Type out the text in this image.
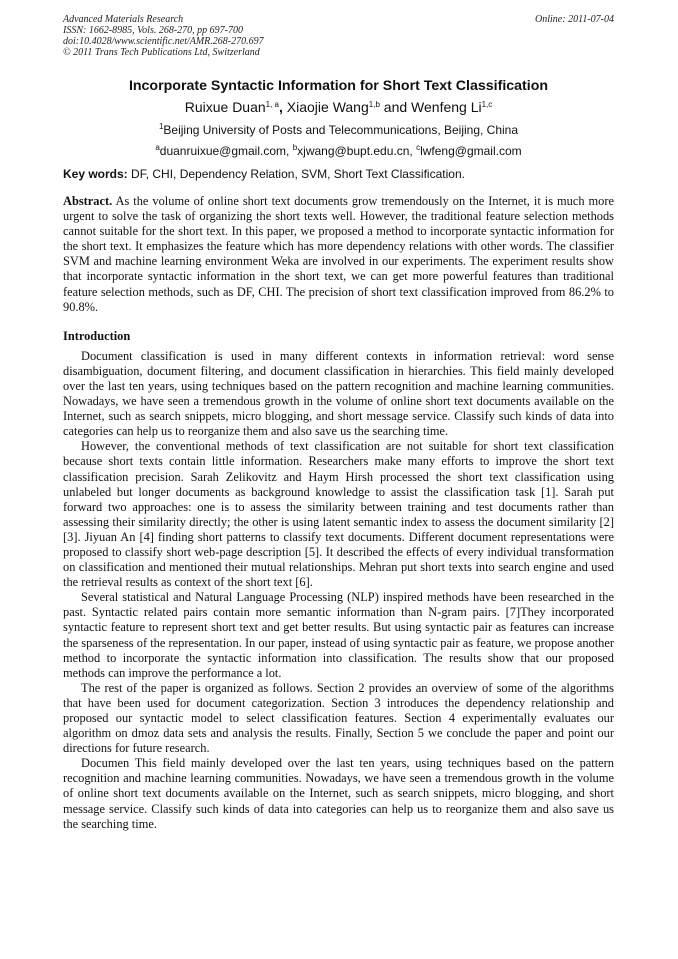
Advanced Materials Research
ISSN: 1662-8985, Vols. 268-270, pp 697-700
doi:10.4028/www.scientific.net/AMR.268-270.697
© 2011 Trans Tech Publications Ltd, Switzerland
Online: 2011-07-04
Incorporate Syntactic Information for Short Text Classification
Ruixue Duan$^{1, a}$, Xiaojie Wang$^{1,b}$ and Wenfeng Li$^{1,c}$
$^1$Beijing University of Posts and Telecommunications, Beijing, China
$^a$duanruixue@gmail.com, $^b$xjwang@bupt.edu.cn, $^c$lwfeng@gmail.com
Key words: DF, CHI, Dependency Relation, SVM, Short Text Classification.
Abstract. As the volume of online short text documents grow tremendously on the Internet, it is much more urgent to solve the task of organizing the short texts well. However, the traditional feature selection methods cannot suitable for the short text. In this paper, we proposed a method to incorporate syntactic information for the short text. It emphasizes the feature which has more dependency relations with other words. The classifier SVM and machine learning environment Weka are involved in our experiments. The experiment results show that incorporate syntactic information in the short text, we can get more powerful features than traditional feature selection methods, such as DF, CHI. The precision of short text classification improved from 86.2% to 90.8%.
Introduction

Document classification is used in many different contexts in information retrieval: word sense disambiguation, document filtering, and document classification in hierarchies. This field mainly developed over the last ten years, using techniques based on the pattern recognition and machine learning communities. Nowadays, we have seen a tremendous growth in the volume of online short text documents available on the Internet, such as search snippets, micro blogging, and short message service. Classify such kinds of data into categories can help us to reorganize them and also save us the searching time.

However, the conventional methods of text classification are not suitable for short text classification because short texts contain little information. Researchers make many efforts to improve the short text classification precision. Sarah Zelikovitz and Haym Hirsh processed the short text classification using unlabeled but longer documents as background knowledge to assist the classification task [1]. Sarah put forward two approaches: one is to assess the similarity between training and test documents rather than assessing their similarity directly; the other is using latent semantic index to assess the document similarity [2][3]. Jiyuan An [4] finding short patterns to classify text documents. Different document representations were proposed to classify short web-page description [5]. It described the effects of every individual transformation on classification and mentioned their mutual relationships. Mehran put short texts into search engine and used the retrieval results as context of the short text [6].

Several statistical and Natural Language Processing (NLP) inspired methods have been researched in the past. Syntactic related pairs contain more semantic information than N-gram pairs. [7]They incorporated syntactic feature to represent short text and get better results. But using syntactic pair as features can increase the sparseness of the representation. In our paper, instead of using syntactic pair as feature, we propose another method to incorporate the syntactic information into classification. The results show that our proposed methods can improve the performance a lot.

The rest of the paper is organized as follows. Section 2 provides an overview of some of the algorithms that have been used for document categorization. Section 3 introduces the dependency relationship and proposed our syntactic model to select classification features. Section 4 experimentally evaluates our algorithm on dmoz data sets and analysis the results. Finally, Section 5 we conclude the paper and point our directions for future research.

Documen This field mainly developed over the last ten years, using techniques based on the pattern recognition and machine learning communities. Nowadays, we have seen a tremendous growth in the volume of online short text documents available on the Internet, such as search snippets, micro blogging, and short message service. Classify such kinds of data into categories can help us to reorganize them and also save us the searching time.
